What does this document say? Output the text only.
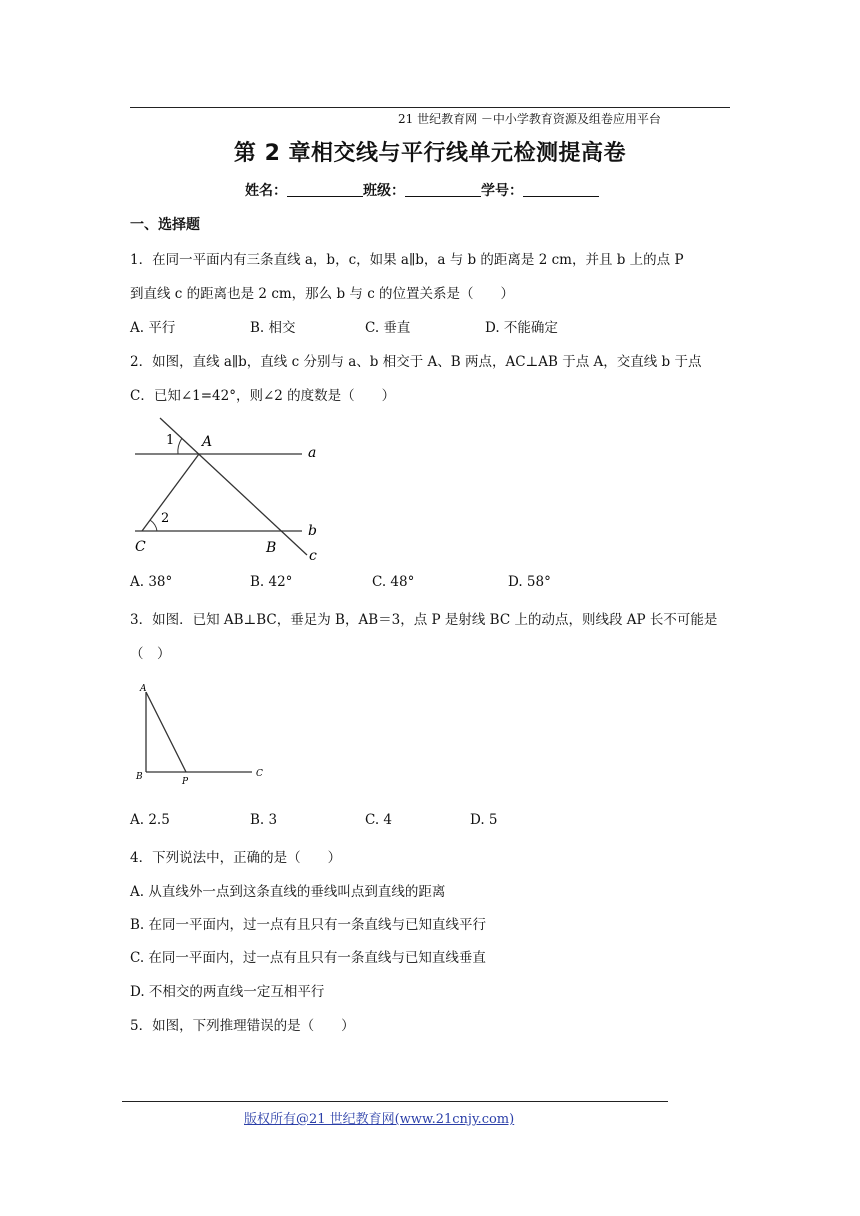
21 世纪教育网 －中小学教育资源及组卷应用平台
第 2 章相交线与平行线单元检测提高卷
姓名：	班级：	学号：
一、选择题
1．在同一平面内有三条直线 a，b，c，如果 a∥b，a 与 b 的距离是 2 cm，并且 b 上的点 P
到直线 c 的距离也是 2 cm，那么 b 与 c 的位置关系是（　　）
A. 平行	B. 相交	C. 垂直	D. 不能确定
2．如图，直线 a∥b，直线 c 分别与 a、b 相交于 A、B 两点，AC⊥AB 于点 A，交直线 b 于点
C．已知∠1=42°，则∠2 的度数是（　　）
1 A
2
C	B
a
b
c
A. 38°	B. 42°	C. 48°	D. 58°
3．如图．已知 AB⊥BC，垂足为 B，AB＝3，点 P 是射线 BC 上的动点，则线段 AP 长不可能是
（　）
A
B	P
C
A. 2.5	B. 3	C. 4	D. 5
4．下列说法中，正确的是（　　）
A. 从直线外一点到这条直线的垂线叫点到直线的距离
B. 在同一平面内，过一点有且只有一条直线与已知直线平行
C. 在同一平面内，过一点有且只有一条直线与已知直线垂直
D. 不相交的两直线一定互相平行
5．如图，下列推理错误的是（　　）
版权所有@21 世纪教育网(www.21cnjy.com)
